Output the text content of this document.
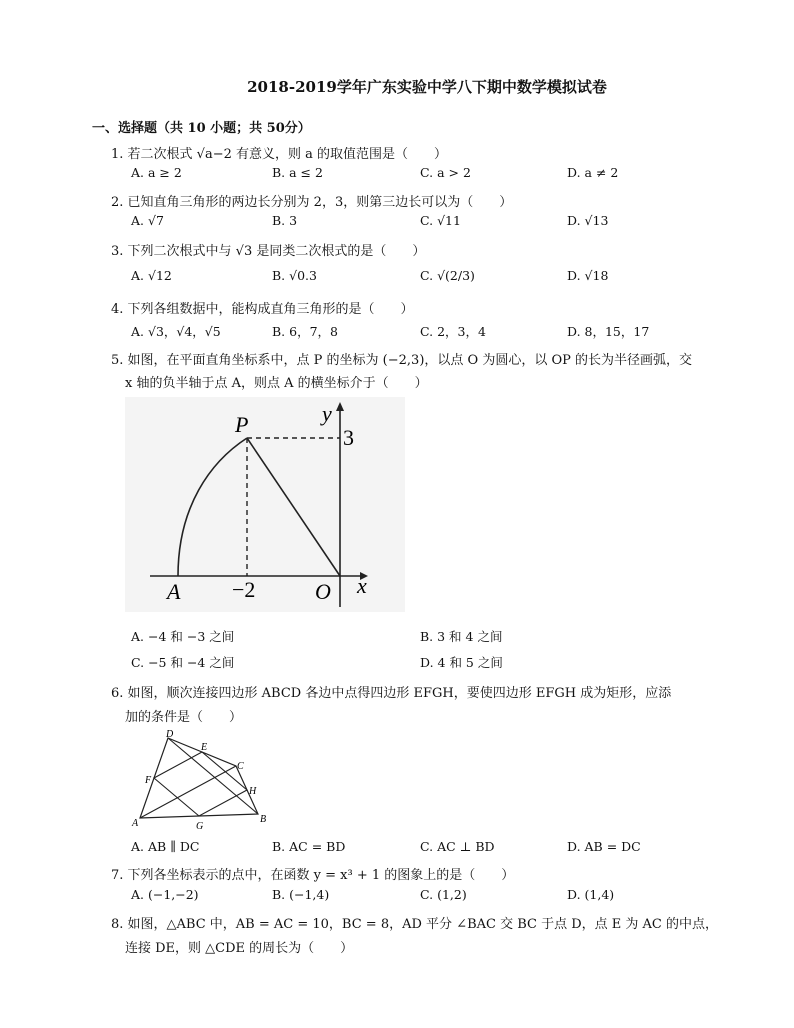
2018-2019学年广东实验中学八下期中数学模拟试卷
一、选择题（共 10 小题；共 50分）
1. 若二次根式 √a−2 有意义，则 a 的取值范围是（　　）
A. a ≥ 2	B. a ≤ 2	C. a > 2	D. a ≠ 2
2. 已知直角三角形的两边长分别为 2，3，则第三边长可以为（　　）
A. √7	B. 3	C. √11	D. √13
3. 下列二次根式中与 √3 是同类二次根式的是（　　）
A. √12	B. √0.3	C. √(2/3)	D. √18
4. 下列各组数据中，能构成直角三角形的是（　　）
A. √3，√4，√5	B. 6，7，8	C. 2，3，4	D. 8，15，17
5. 如图，在平面直角坐标系中，点 P 的坐标为 (−2,3)，以点 O 为圆心，以 OP 的长为半径画弧，交
x 轴的负半轴于点 A，则点 A 的横坐标介于（　　）
P	y
3
A −2	O x
A. −4 和 −3 之间	B. 3 和 4 之间
C. −5 和 −4 之间	D. 4 和 5 之间
6. 如图，顺次连接四边形 ABCD 各边中点得四边形 EFGH，要使四边形 EFGH 成为矩形，应添
加的条件是（　　）
D
E
C
F
H
A	G
B
A. AB ∥ DC	B. AC = BD	C. AC ⊥ BD	D. AB = DC
7. 下列各坐标表示的点中，在函数 y = x³ + 1 的图象上的是（　　）
A. (−1,−2)	B. (−1,4)	C. (1,2)	D. (1,4)
8. 如图，△ABC 中，AB = AC = 10，BC = 8，AD 平分 ∠BAC 交 BC 于点 D，点 E 为 AC 的中点，
连接 DE，则 △CDE 的周长为（　　）
